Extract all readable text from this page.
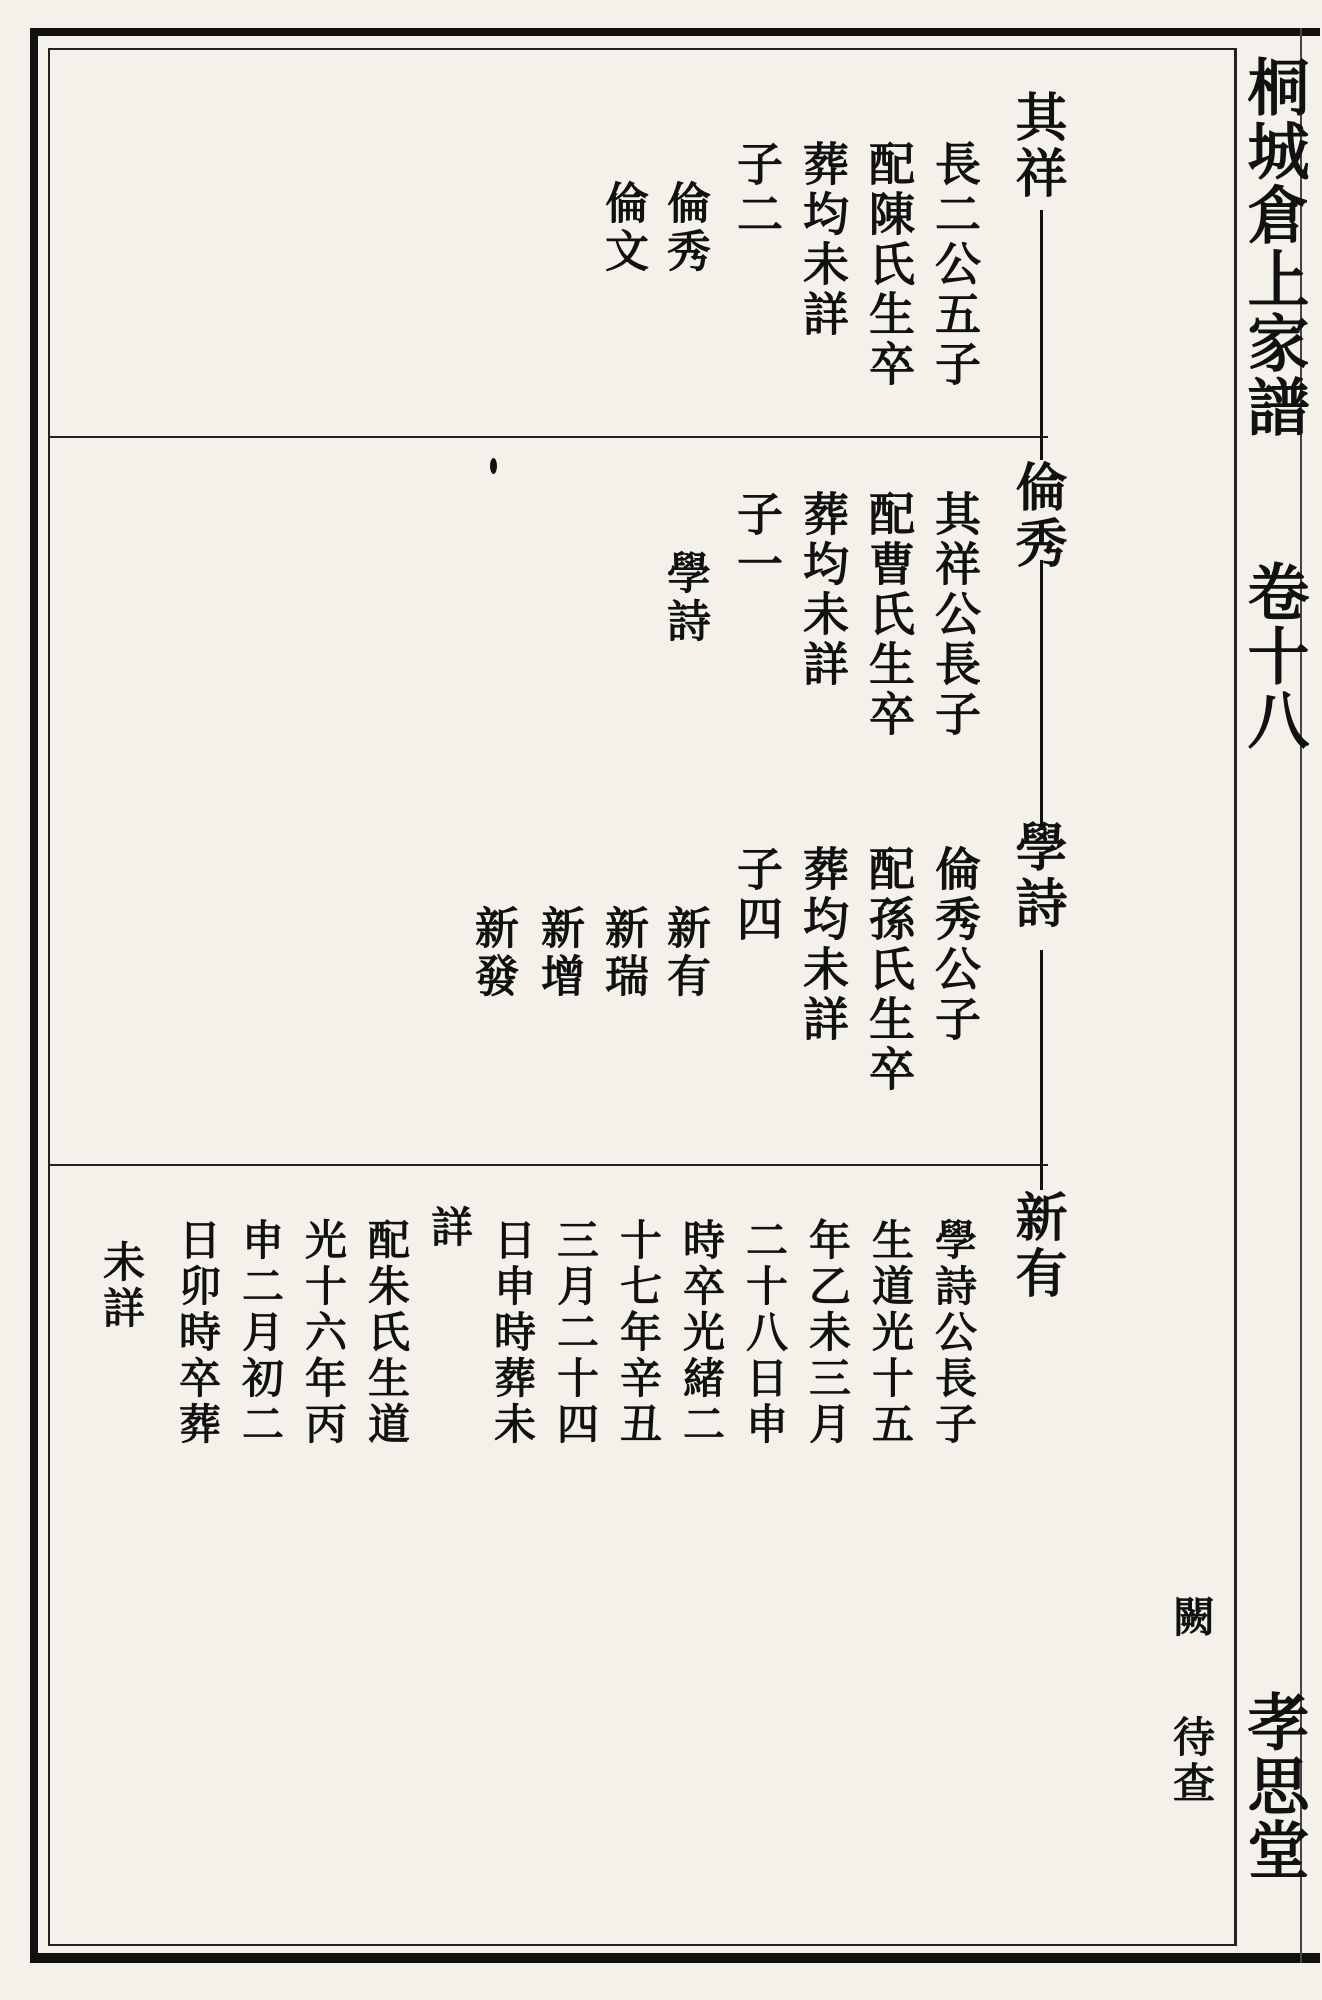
桐城倉上家譜
卷十八
孝思堂
其祥
長二公五子
配陳氏生卒
葬均未詳
子二
倫秀
倫文
倫秀
其祥公長子
配曹氏生卒
葬均未詳
子一
學詩
學詩
倫秀公子
配孫氏生卒
葬均未詳
子四
新有
新瑞
新增
新發
新有
學詩公長子
生道光十五
年乙未三月
二十八日申
時卒光緒二
十七年辛丑
三月二十四
日申時葬未
詳
配朱氏生道
光十六年丙
申二月初二
日卯時卒葬
未詳
闕
待查
